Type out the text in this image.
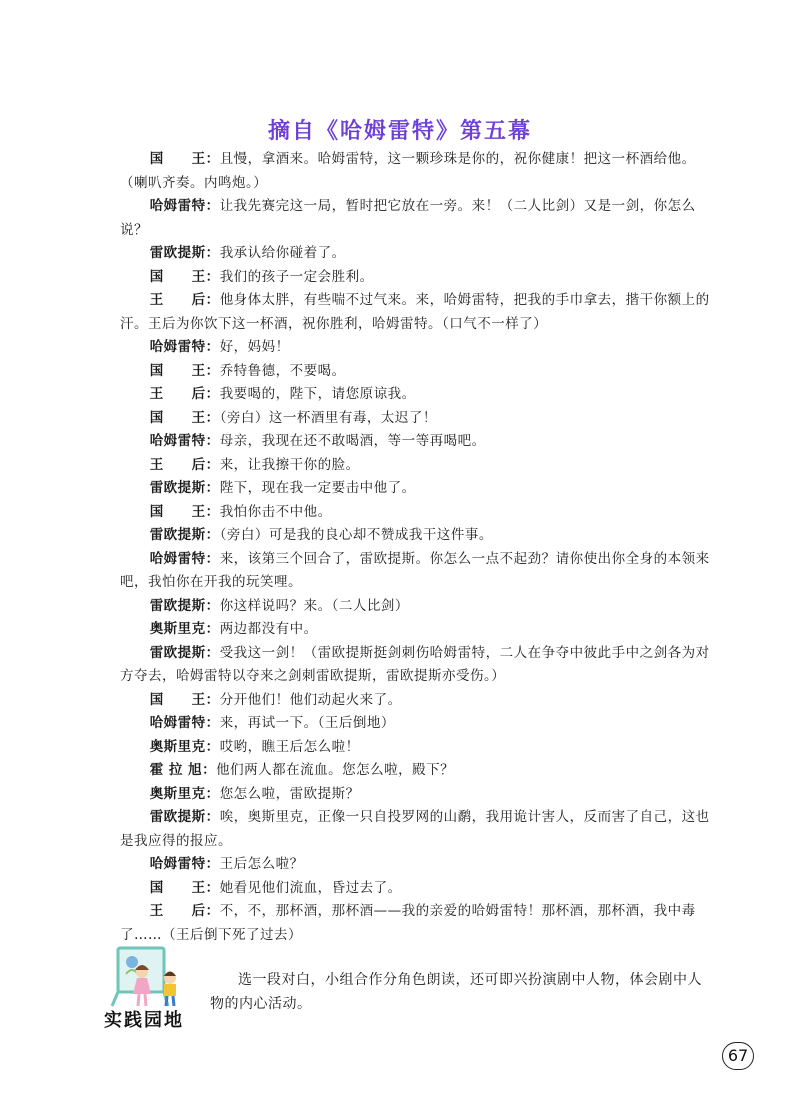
摘自《哈姆雷特》第五幕

国　　王：且慢，拿酒来。哈姆雷特，这一颗珍珠是你的，祝你健康！把这一杯酒给他。（喇叭齐奏。内鸣炮。）

哈姆雷特：让我先赛完这一局，暂时把它放在一旁。来！（二人比剑）又是一剑，你怎么说？

雷欧提斯：我承认给你碰着了。

国　　王：我们的孩子一定会胜利。

王　　后：他身体太胖，有些喘不过气来。来，哈姆雷特，把我的手巾拿去，揩干你额上的汗。王后为你饮下这一杯酒，祝你胜利，哈姆雷特。（口气不一样了）

哈姆雷特：好，妈妈！

国　　王：乔特鲁德，不要喝。

王　　后：我要喝的，陛下，请您原谅我。

国　　王：（旁白）这一杯酒里有毒，太迟了！

哈姆雷特：母亲，我现在还不敢喝酒，等一等再喝吧。

王　　后：来，让我擦干你的脸。

雷欧提斯：陛下，现在我一定要击中他了。

国　　王：我怕你击不中他。

雷欧提斯：（旁白）可是我的良心却不赞成我干这件事。

哈姆雷特：来，该第三个回合了，雷欧提斯。你怎么一点不起劲？请你使出你全身的本领来吧，我怕你在开我的玩笑哩。

雷欧提斯：你这样说吗？来。（二人比剑）

奥斯里克：两边都没有中。

雷欧提斯：受我这一剑！（雷欧提斯挺剑刺伤哈姆雷特，二人在争夺中彼此手中之剑各为对方夺去，哈姆雷特以夺来之剑刺雷欧提斯，雷欧提斯亦受伤。）

国　　王：分开他们！他们动起火来了。

哈姆雷特：来，再试一下。（王后倒地）

奥斯里克：哎哟，瞧王后怎么啦！

霍 拉 旭：他们两人都在流血。您怎么啦，殿下？

奥斯里克：您怎么啦，雷欧提斯？

雷欧提斯：唉，奥斯里克，正像一只自投罗网的山鹬，我用诡计害人，反而害了自己，这也是我应得的报应。

哈姆雷特：王后怎么啦？

国　　王：她看见他们流血，昏过去了。

王　　后：不，不，那杯酒，那杯酒——我的亲爱的哈姆雷特！那杯酒，那杯酒，我中毒了……（王后倒下死了过去）

实践园地

选一段对白，小组合作分角色朗读，还可即兴扮演剧中人物，体会剧中人物的内心活动。

67
